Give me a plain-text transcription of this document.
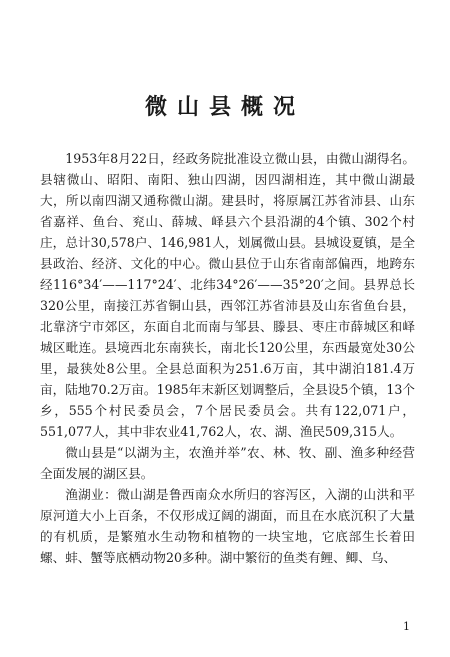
微山县概况

1953年8月22日，经政务院批准设立微山县，由微山湖得名。县辖微山、昭阳、南阳、独山四湖，因四湖相连，其中微山湖最大，所以南四湖又通称微山湖。建县时，将原属江苏省沛县、山东省嘉祥、鱼台、兖山、薛城、峄县六个县沿湖的4个镇、302个村庄，总计30,578户、146,981人，划属微山县。县城设夏镇，是全县政治、经济、文化的中心。微山县位于山东省南部偏西，地跨东经116°34′——117°24′、北纬34°26′——35°20′之间。县界总长320公里，南接江苏省铜山县，西邻江苏省沛县及山东省鱼台县，北靠济宁市郊区，东面自北而南与邹县、滕县、枣庄市薛城区和峄城区毗连。县境西北东南狭长，南北长120公里，东西最宽处30公里，最狭处8公里。全县总面积为251.6万亩，其中湖泊181.4万亩，陆地70.2万亩。1985年末新区划调整后，全县设5个镇，13个乡，555个村民委员会，7个居民委员会。共有122,071户，551,077人，其中非农业41,762人，农、湖、渔民509,315人。

微山县是“以湖为主，农渔并举”农、林、牧、副、渔多种经营全面发展的湖区县。

渔湖业：微山湖是鲁西南众水所归的容泻区，入湖的山洪和平原河道大小上百条，不仅形成辽阔的湖面，而且在水底沉积了大量的有机质，是繁殖水生动物和植物的一块宝地，它底部生长着田螺、蚌、蟹等底栖动物20多种。湖中繁衍的鱼类有鲤、鲫、乌、

1
